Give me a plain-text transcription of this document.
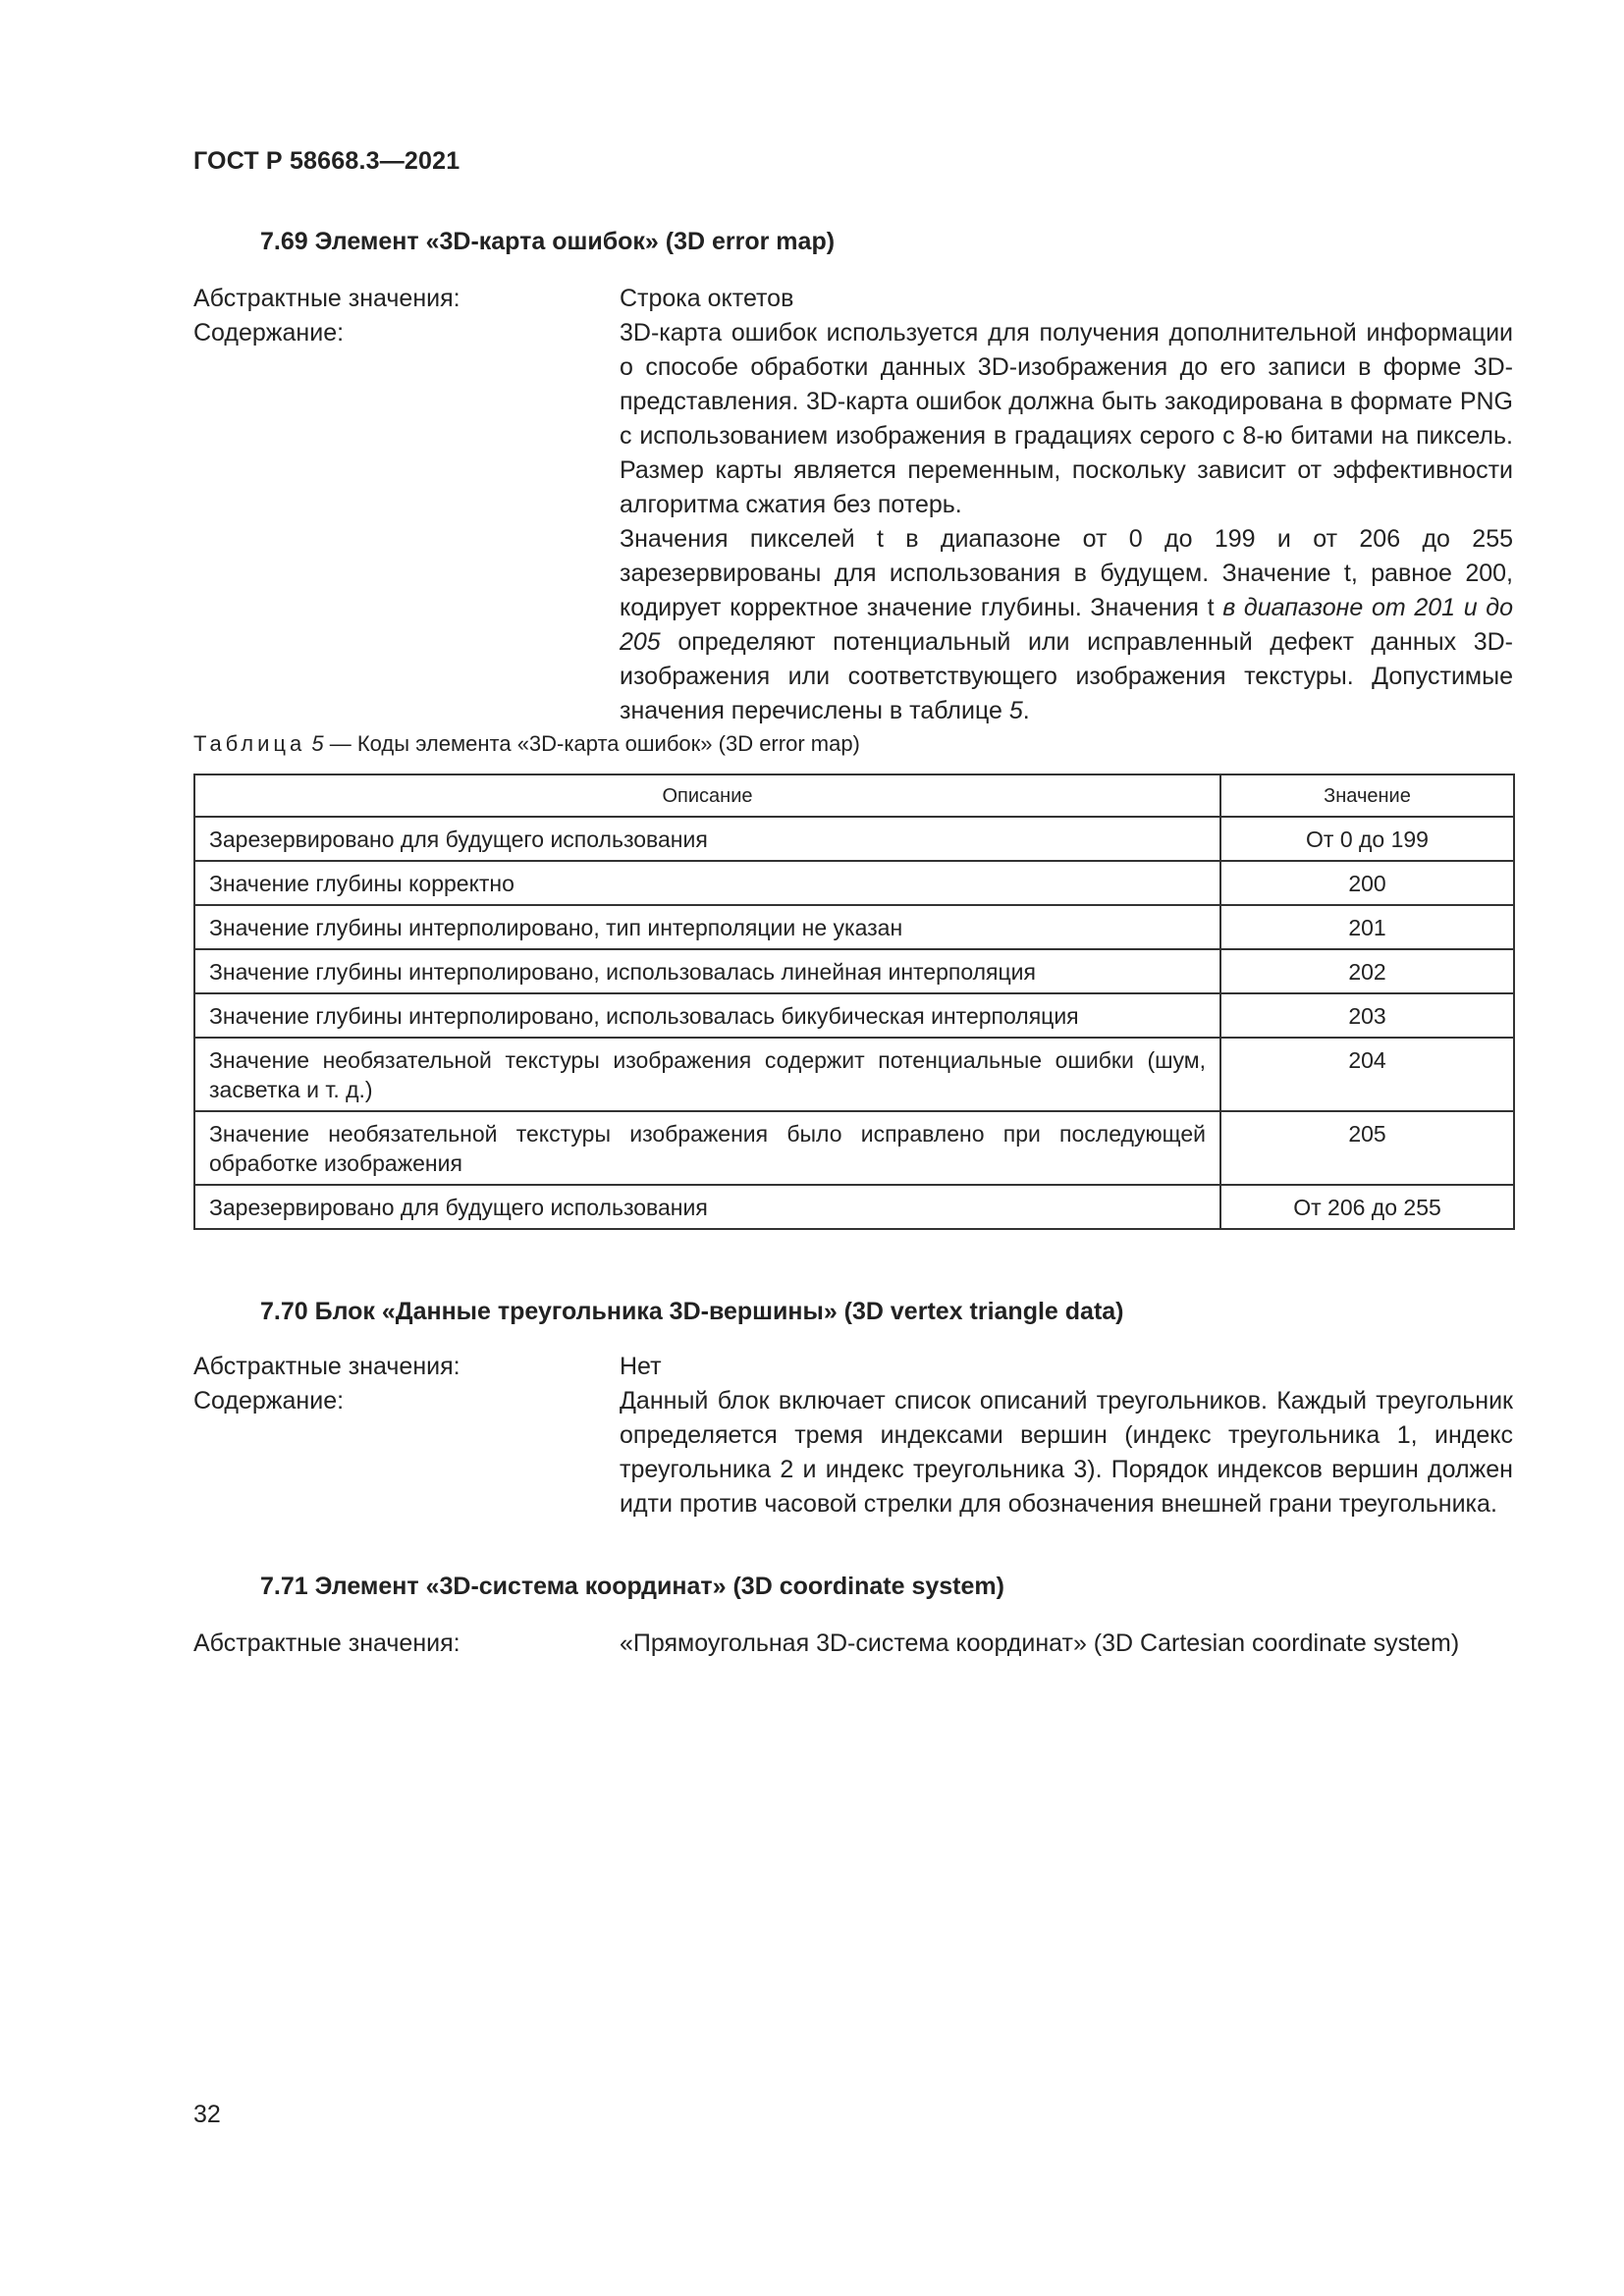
ГОСТ Р 58668.3—2021
7.69 Элемент «3D-карта ошибок» (3D error map)
Абстрактные значения:	Строка октетов
Содержание:	3D-карта ошибок используется для получения дополнительной информации о способе обработки данных 3D-изображения до его записи в форме 3D-представления. 3D-карта ошибок должна быть закодирована в формате PNG с использованием изображения в градациях серого с 8-ю битами на пиксель. Размер карты является переменным, поскольку зависит от эффективности алгоритма сжатия без потерь.

Значения пикселей t в диапазоне от 0 до 199 и от 206 до 255 зарезервированы для использования в будущем. Значение t, равное 200, кодирует корректное значение глубины. Значения t в диапазоне от 201 и до 205 определяют потенциальный или исправленный дефект данных 3D-изображения или соответствующего изображения текстуры. Допустимые значения перечислены в таблице 5.

Таблица 5 — Коды элемента «3D-карта ошибок» (3D error map)
Описание	Значение
Зарезервировано для будущего использования	От 0 до 199
Значение глубины корректно	200
Значение глубины интерполировано, тип интерполяции не указан	201
Значение глубины интерполировано, использовалась линейная интерполяция	202
Значение глубины интерполировано, использовалась бикубическая интерполяция	203
Значение необязательной текстуры изображения содержит потенциальные ошибки (шум, засветка и т. д.)	204
Значение необязательной текстуры изображения было исправлено при последующей обработке изображения	205
Зарезервировано для будущего использования	От 206 до 255
7.70 Блок «Данные треугольника 3D-вершины» (3D vertex triangle data)
Абстрактные значения:	Нет
Содержание:	Данный блок включает список описаний треугольников. Каждый треугольник определяется тремя индексами вершин (индекс треугольника 1, индекс треугольника 2 и индекс треугольника 3). Порядок индексов вершин должен идти против часовой стрелки для обозначения внешней грани треугольника.

7.71 Элемент «3D-система координат» (3D coordinate system)
Абстрактные значения:	«Прямоугольная 3D-система координат» (3D Cartesian coordinate system)

32
